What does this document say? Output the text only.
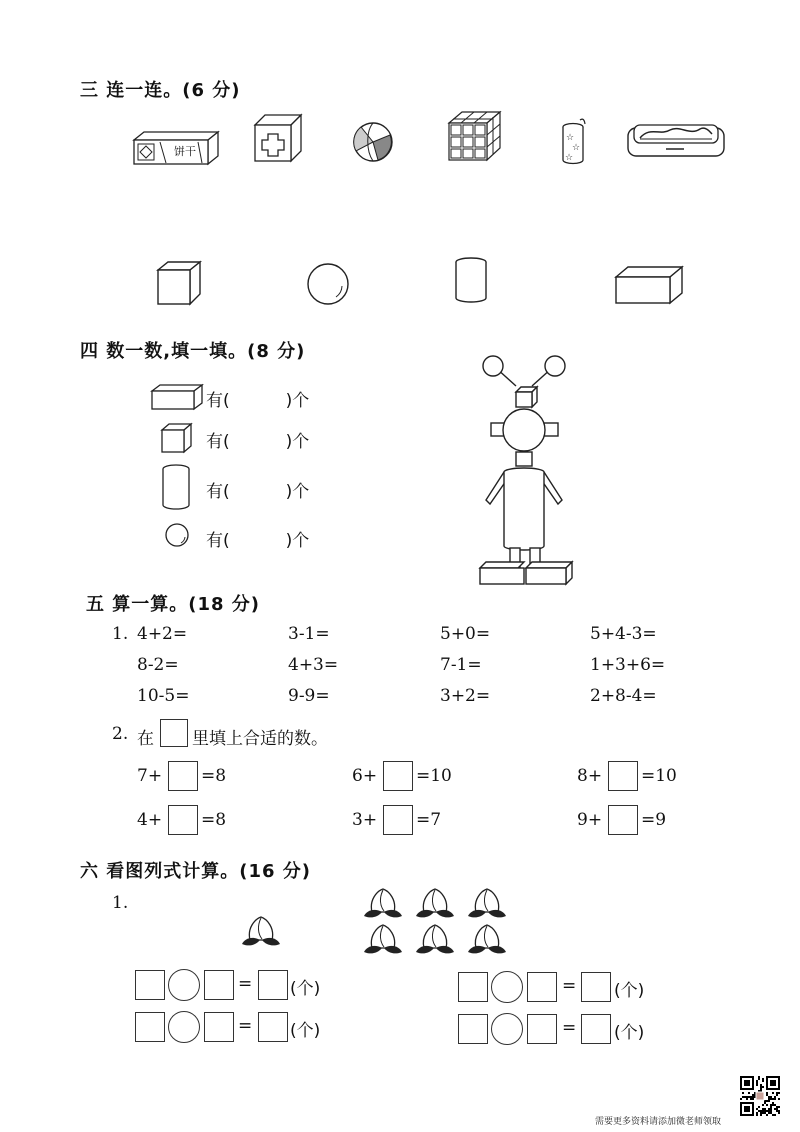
三 连一连。(6 分)
饼干
☆
☆
☆
四 数一数,填一填。(8 分)
有(	)个
有(	)个
有(	)个
有(	)个
五 算一算。(18 分)
1. 4+2=	3-1=	5+0=	5+4-3=
8-2=	4+3=	7-1=	1+3+6=
10-5=	9-9=	3+2=	2+8-4=
2. 在 里填上合适的数。
7+ =8	6+ =10	8+ =10
4+ =8	3+ =7	9+ =9
六 看图列式计算。(16 分)
1.
= (个)
= (个)
= (个)
= (个)
需要更多资料请添加微老师领取
